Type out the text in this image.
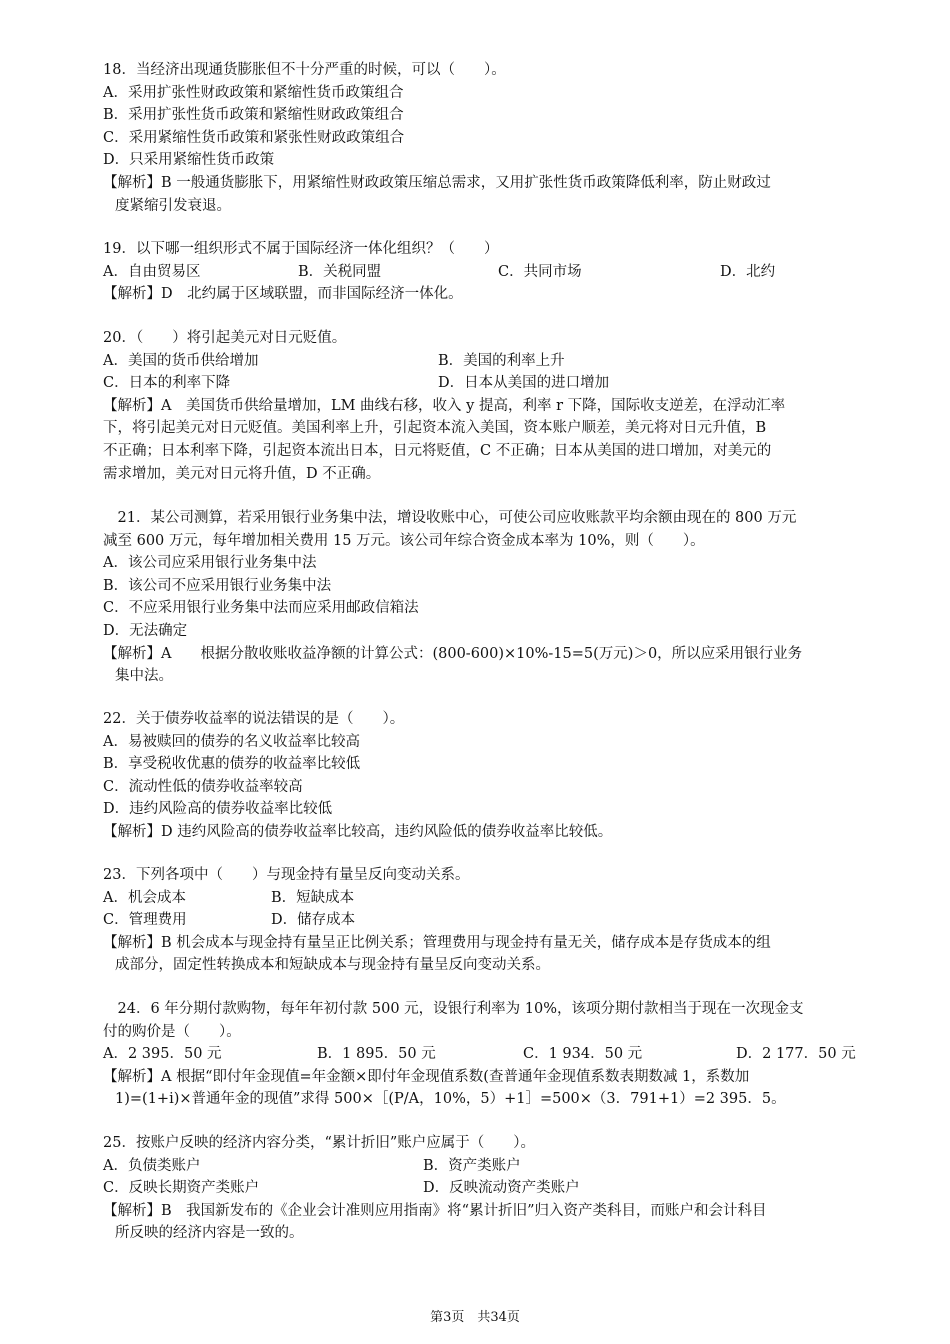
18．当经济出现通货膨胀但不十分严重的时候，可以（　　）。
A．采用扩张性财政政策和紧缩性货币政策组合
B．采用扩张性货币政策和紧缩性财政政策组合
C．采用紧缩性货币政策和紧张性财政政策组合
D．只采用紧缩性货币政策
【解析】B 一般通货膨胀下，用紧缩性财政政策压缩总需求，又用扩张性货币政策降低利率，防止财政过
度紧缩引发衰退。
19．以下哪一组织形式不属于国际经济一体化组织？（　　）
A．自由贸易区	B．关税同盟	C．共同市场	D．北约
【解析】D　北约属于区域联盟，而非国际经济一体化。
20．（　　）将引起美元对日元贬值。
A．美国的货币供给增加	B．美国的利率上升
C．日本的利率下降	D．日本从美国的进口增加
【解析】A　美国货币供给量增加，LM 曲线右移，收入 y 提高，利率 r 下降，国际收支逆差，在浮动汇率
下，将引起美元对日元贬值。美国利率上升，引起资本流入美国，资本账户顺差，美元将对日元升值，B
不正确；日本利率下降，引起资本流出日本，日元将贬值，C 不正确；日本从美国的进口增加，对美元的
需求增加，美元对日元将升值，D 不正确。
　21．某公司测算，若采用银行业务集中法，增设收账中心，可使公司应收账款平均余额由现在的 800 万元
减至 600 万元，每年增加相关费用 15 万元。该公司年综合资金成本率为 10%，则（　　）。
A．该公司应采用银行业务集中法
B．该公司不应采用银行业务集中法
C．不应采用银行业务集中法而应采用邮政信箱法
D．无法确定
【解析】A　　根据分散收账收益净额的计算公式：(800-600)×10%-15=5(万元)＞0，所以应采用银行业务
集中法。
22．关于债券收益率的说法错误的是（　　）。
A．易被赎回的债券的名义收益率比较高
B．享受税收优惠的债券的收益率比较低
C．流动性低的债券收益率较高
D．违约风险高的债券收益率比较低
【解析】D 违约风险高的债券收益率比较高，违约风险低的债券收益率比较低。
23．下列各项中（　　）与现金持有量呈反向变动关系。
A．机会成本	B．短缺成本
C．管理费用	D．储存成本
【解析】B 机会成本与现金持有量呈正比例关系；管理费用与现金持有量无关，储存成本是存货成本的组
成部分，固定性转换成本和短缺成本与现金持有量呈反向变动关系。
　24．6 年分期付款购物，每年年初付款 500 元，设银行利率为 10%，该项分期付款相当于现在一次现金支
付的购价是（　　）。
A．2 395．50 元	B．1 895．50 元	C．1 934．50 元	D．2 177．50 元
【解析】A 根据“即付年金现值=年金额×即付年金现值系数(查普通年金现值系数表期数减 1，系数加
1)=(1+i)×普通年金的现值”求得 500×［(P/A，10%，5）+1］=500×（3．791+1）=2 395．5。
25．按账户反映的经济内容分类，“累计折旧”账户应属于（　　）。
A．负债类账户	B．资产类账户
C．反映长期资产类账户	D．反映流动资产类账户
【解析】B　我国新发布的《企业会计准则应用指南》将“累计折旧”归入资产类科目，而账户和会计科目
所反映的经济内容是一致的。
第3页　共34页
